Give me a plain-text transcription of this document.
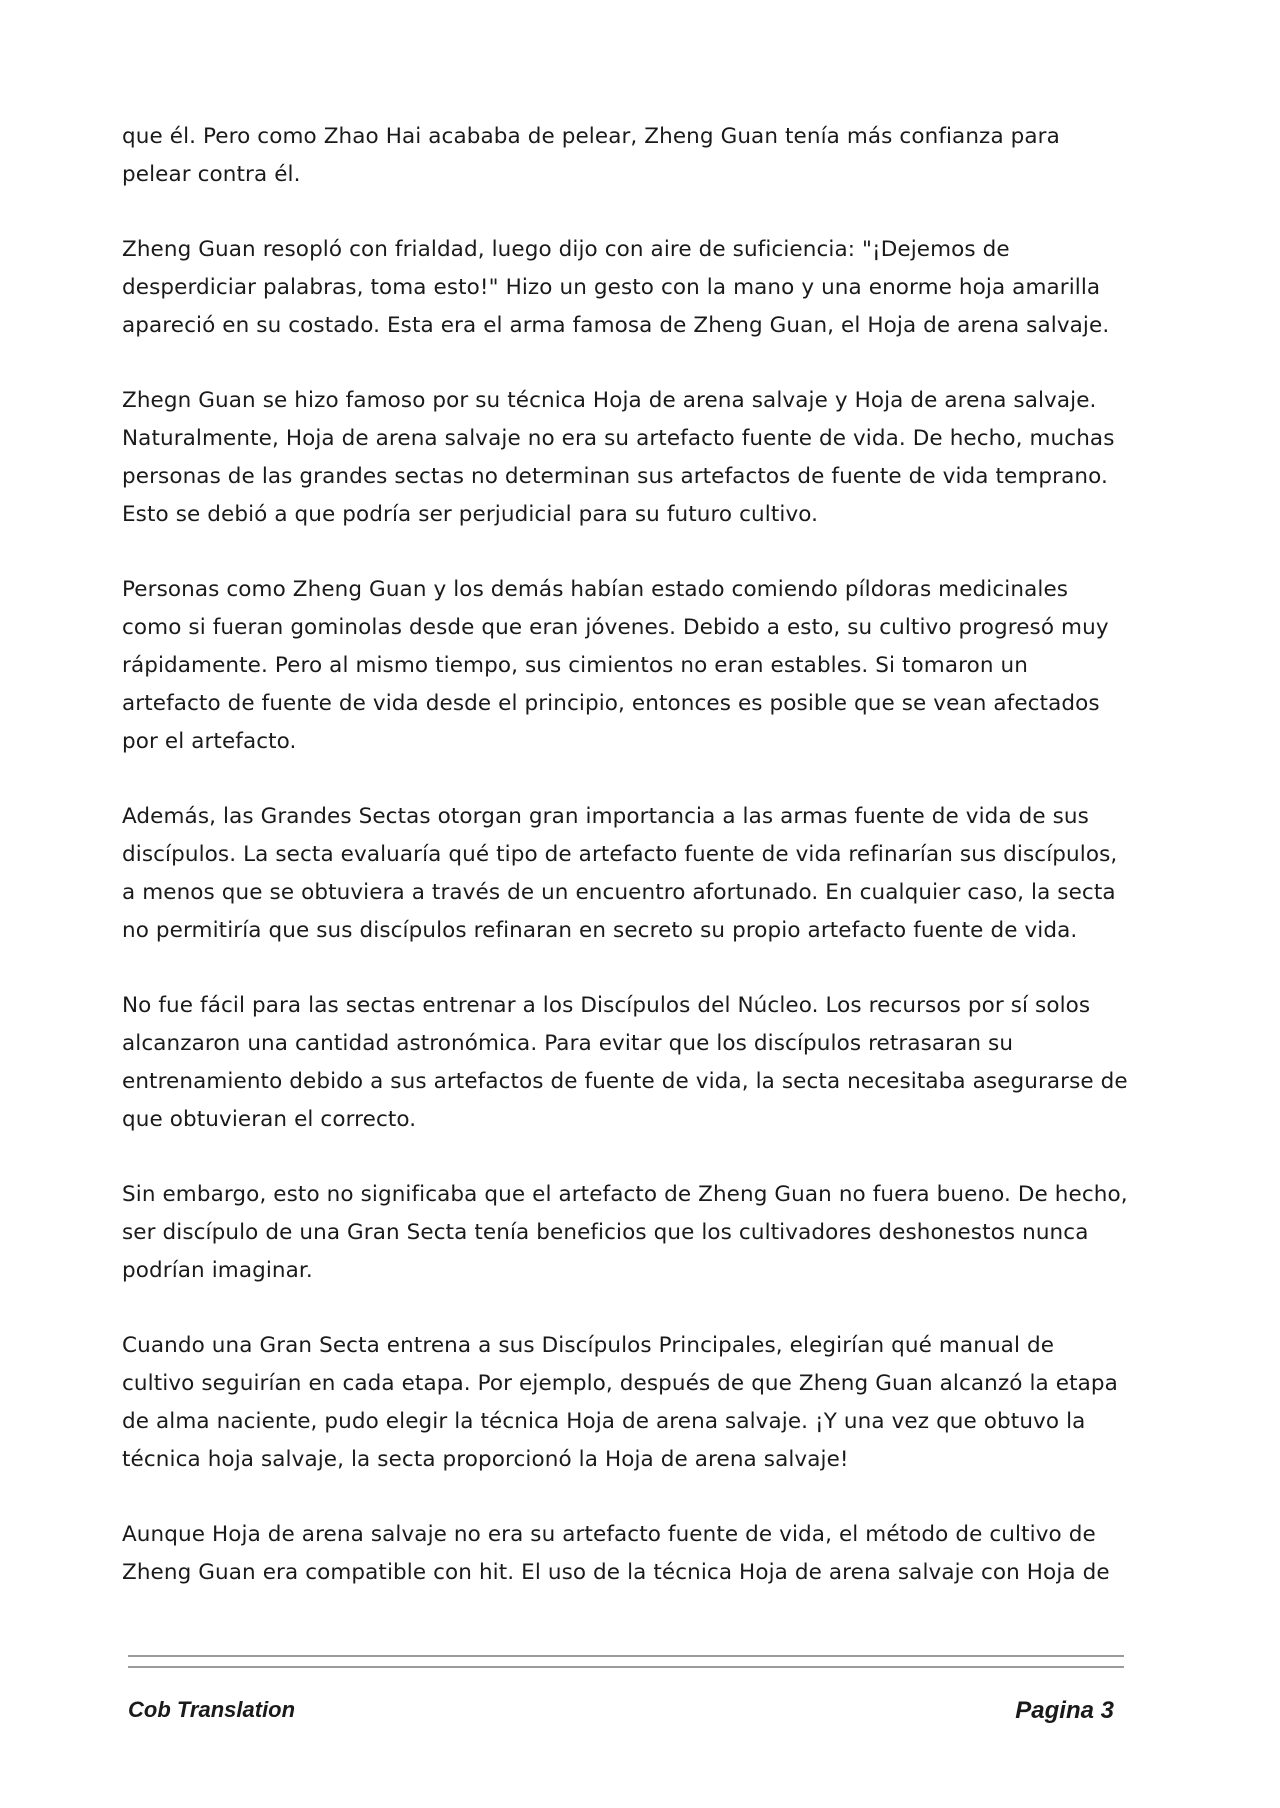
que él. Pero como Zhao Hai acababa de pelear, Zheng Guan tenía más confianza para pelear contra él.

Zheng Guan resopló con frialdad, luego dijo con aire de suficiencia: "¡Dejemos de desperdiciar palabras, toma esto!" Hizo un gesto con la mano y una enorme hoja amarilla apareció en su costado. Esta era el arma famosa de Zheng Guan, el Hoja de arena salvaje.

Zhegn Guan se hizo famoso por su técnica Hoja de arena salvaje y Hoja de arena salvaje. Naturalmente, Hoja de arena salvaje no era su artefacto fuente de vida. De hecho, muchas personas de las grandes sectas no determinan sus artefactos de fuente de vida temprano. Esto se debió a que podría ser perjudicial para su futuro cultivo.

Personas como Zheng Guan y los demás habían estado comiendo píldoras medicinales como si fueran gominolas desde que eran jóvenes. Debido a esto, su cultivo progresó muy rápidamente. Pero al mismo tiempo, sus cimientos no eran estables. Si tomaron un artefacto de fuente de vida desde el principio, entonces es posible que se vean afectados por el artefacto.

Además, las Grandes Sectas otorgan gran importancia a las armas fuente de vida de sus discípulos. La secta evaluaría qué tipo de artefacto fuente de vida refinarían sus discípulos, a menos que se obtuviera a través de un encuentro afortunado. En cualquier caso, la secta no permitiría que sus discípulos refinaran en secreto su propio artefacto fuente de vida.

No fue fácil para las sectas entrenar a los Discípulos del Núcleo. Los recursos por sí solos alcanzaron una cantidad astronómica. Para evitar que los discípulos retrasaran su entrenamiento debido a sus artefactos de fuente de vida, la secta necesitaba asegurarse de que obtuvieran el correcto.

Sin embargo, esto no significaba que el artefacto de Zheng Guan no fuera bueno. De hecho, ser discípulo de una Gran Secta tenía beneficios que los cultivadores deshonestos nunca podrían imaginar.

Cuando una Gran Secta entrena a sus Discípulos Principales, elegirían qué manual de cultivo seguirían en cada etapa. Por ejemplo, después de que Zheng Guan alcanzó la etapa de alma naciente, pudo elegir la técnica Hoja de arena salvaje. ¡Y una vez que obtuvo la técnica hoja salvaje, la secta proporcionó la Hoja de arena salvaje!

Aunque Hoja de arena salvaje no era su artefacto fuente de vida, el método de cultivo de Zheng Guan era compatible con hit. El uso de la técnica Hoja de arena salvaje con Hoja de

Cob Translation	Pagina 3
